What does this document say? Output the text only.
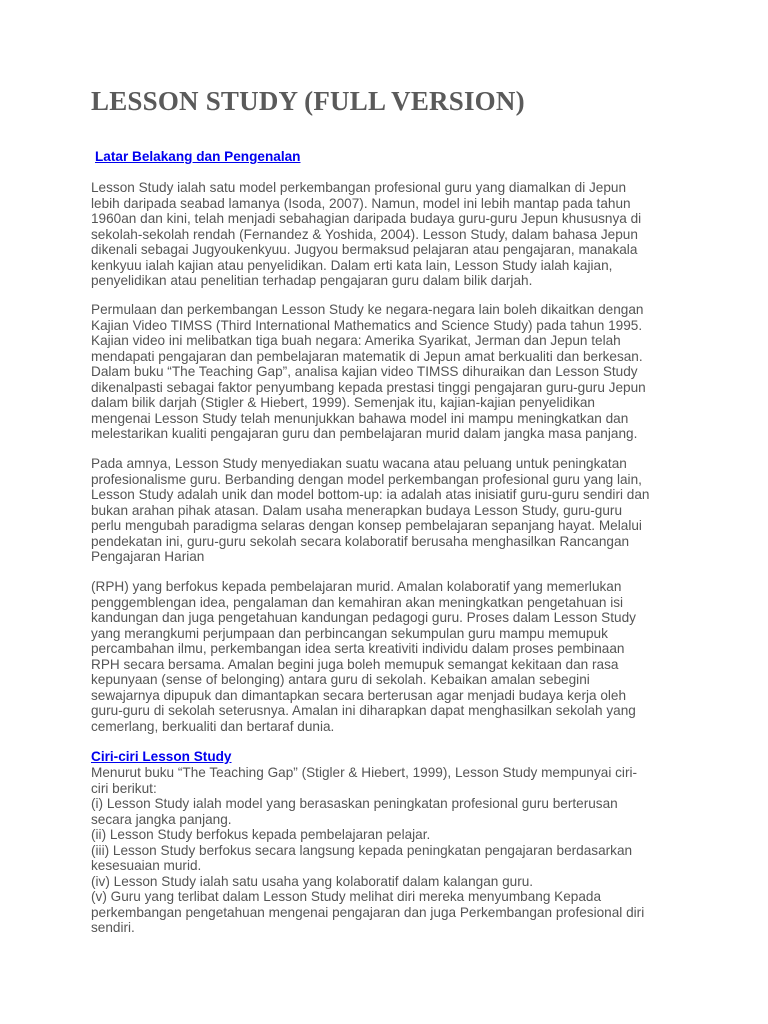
LESSON STUDY (FULL VERSION)
Latar Belakang dan Pengenalan

Lesson Study ialah satu model perkembangan profesional guru yang diamalkan di Jepun
lebih daripada seabad lamanya (Isoda, 2007). Namun, model ini lebih mantap pada tahun
1960an dan kini, telah menjadi sebahagian daripada budaya guru-guru Jepun khususnya di
sekolah-sekolah rendah (Fernandez & Yoshida, 2004). Lesson Study, dalam bahasa Jepun
dikenali sebagai Jugyoukenkyuu. Jugyou bermaksud pelajaran atau pengajaran, manakala
kenkyuu ialah kajian atau penyelidikan. Dalam erti kata lain, Lesson Study ialah kajian,
penyelidikan atau penelitian terhadap pengajaran guru dalam bilik darjah.

Permulaan dan perkembangan Lesson Study ke negara-negara lain boleh dikaitkan dengan
Kajian Video TIMSS (Third International Mathematics and Science Study) pada tahun 1995.
Kajian video ini melibatkan tiga buah negara: Amerika Syarikat, Jerman dan Jepun telah
mendapati pengajaran dan pembelajaran matematik di Jepun amat berkualiti dan berkesan.
Dalam buku “The Teaching Gap”, analisa kajian video TIMSS dihuraikan dan Lesson Study
dikenalpasti sebagai faktor penyumbang kepada prestasi tinggi pengajaran guru-guru Jepun
dalam bilik darjah (Stigler & Hiebert, 1999). Semenjak itu, kajian-kajian penyelidikan
mengenai Lesson Study telah menunjukkan bahawa model ini mampu meningkatkan dan
melestarikan kualiti pengajaran guru dan pembelajaran murid dalam jangka masa panjang.

Pada amnya, Lesson Study menyediakan suatu wacana atau peluang untuk peningkatan
profesionalisme guru. Berbanding dengan model perkembangan profesional guru yang lain,
Lesson Study adalah unik dan model bottom-up: ia adalah atas inisiatif guru-guru sendiri dan
bukan arahan pihak atasan. Dalam usaha menerapkan budaya Lesson Study, guru-guru
perlu mengubah paradigma selaras dengan konsep pembelajaran sepanjang hayat. Melalui
pendekatan ini, guru-guru sekolah secara kolaboratif berusaha menghasilkan Rancangan
Pengajaran Harian

(RPH) yang berfokus kepada pembelajaran murid. Amalan kolaboratif yang memerlukan
penggemblengan idea, pengalaman dan kemahiran akan meningkatkan pengetahuan isi
kandungan dan juga pengetahuan kandungan pedagogi guru. Proses dalam Lesson Study
yang merangkumi perjumpaan dan perbincangan sekumpulan guru mampu memupuk
percambahan ilmu, perkembangan idea serta kreativiti individu dalam proses pembinaan
RPH secara bersama. Amalan begini juga boleh memupuk semangat kekitaan dan rasa
kepunyaan (sense of belonging) antara guru di sekolah. Kebaikan amalan sebegini
sewajarnya dipupuk dan dimantapkan secara berterusan agar menjadi budaya kerja oleh
guru-guru di sekolah seterusnya. Amalan ini diharapkan dapat menghasilkan sekolah yang
cemerlang, berkualiti dan bertaraf dunia.

Ciri-ciri Lesson Study

Menurut buku “The Teaching Gap” (Stigler & Hiebert, 1999), Lesson Study mempunyai ciri-
ciri berikut:
(i) Lesson Study ialah model yang berasaskan peningkatan profesional guru berterusan
secara jangka panjang.
(ii) Lesson Study berfokus kepada pembelajaran pelajar.
(iii) Lesson Study berfokus secara langsung kepada peningkatan pengajaran berdasarkan
kesesuaian murid.
(iv) Lesson Study ialah satu usaha yang kolaboratif dalam kalangan guru.
(v) Guru yang terlibat dalam Lesson Study melihat diri mereka menyumbang Kepada
perkembangan pengetahuan mengenai pengajaran dan juga Perkembangan profesional diri
sendiri.
